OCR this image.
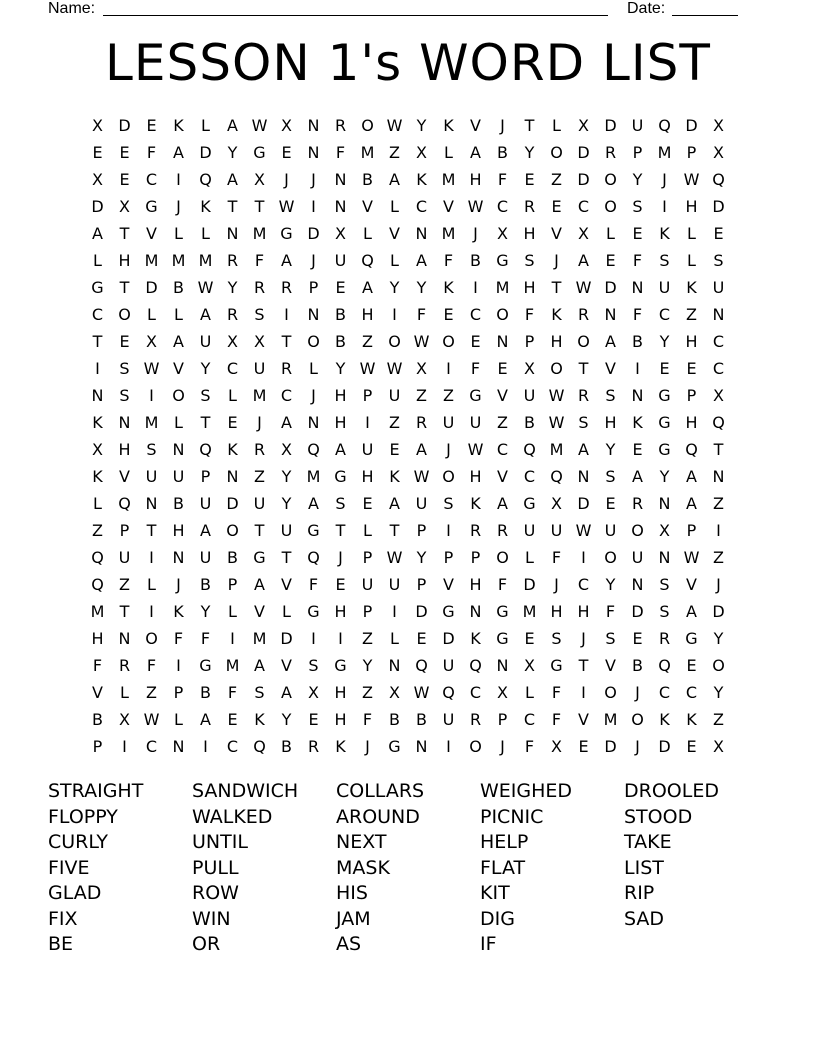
Name:	Date:
LESSON 1's WORD LIST
X D E	K	L	A W X N R O W Y	K	V	J	T	L	X D U Q D X
E	E	F	A D Y G E N	F M Z	X	L	A	B	Y O D R	P M P	X
X	E	C	I	Q A	X	J	J	N B	A	K M H	F	E	Z D O Y	J	W Q
D X G	J	K	T	T W	I	N V	L	C V W C R	E	C O S	I	H D
A	T	V	L	L	N M G D X	L	V N M	J	X H V	X	L	E	K	L	E
L	H M M M R	F	A	J	U Q	L	A	F	B G S	J	A	E	F	S	L	S
G T D B W Y	R R	P	E	A	Y	Y	K	I	M H	T W D N U K U
C O	L	L	A R	S	I	N B H	I	F	E	C O	F	K	R N	F	C Z N
T	E	X	A U X	X	T O B	Z O W O E N	P	H O A	B	Y	H C
I	S W V	Y	C U R	L	Y W W X	I	F	E	X O T	V	I	E	E	C
N S	I	O S	L M C	J	H	P	U Z	Z G V U W R	S N G P	X
K N M L	T	E	J	A N H	I	Z R U U Z	B W S H K G H Q
X H S N Q K	R X Q A U	E	A	J	W C Q M A	Y	E G Q T
K	V U U	P	N Z	Y M G H K W O H V C Q N S	A	Y	A N
L	Q N B U D U	Y	A	S	E	A U	S	K	A G X D E	R N A	Z
Z	P	T	H A O T	U G T	L	T	P	I	R R U U W U O X	P	I
Q U	I	N U B G T Q	J	P W Y	P	P O	L	F	I	O U N W Z
Q Z	L	J	B	P	A	V	F	E	U U	P	V H	F	D	J	C	Y	N S	V	J
M T	I	K	Y	L	V	L	G H	P	I	D G N G M H H	F	D S	A D
H N O	F	F	I	M D	I	I	Z	L	E D K G E	S	J	S	E	R G Y
F	R	F	I	G M A	V	S G Y	N Q U Q N X G T	V	B Q E O
V	L	Z	P	B	F	S	A	X H Z	X W Q C X	L	F	I	O	J	C C	Y
B	X W L	A	E	K	Y	E H	F	B	B U R	P	C	F	V M O K	K	Z
P	I	C N	I	C Q B R	K	J	G N	I	O	J	F	X	E D	J	D E	X
STRAIGHT
FLOPPY
CURLY
FIVE
GLAD
FIX
BE
SANDWICH
WALKED
UNTIL
PULL
ROW
WIN
OR
COLLARS
AROUND
NEXT
MASK
HIS
JAM
AS
WEIGHED
PICNIC
HELP
FLAT
KIT
DIG
IF
DROOLED
STOOD
TAKE
LIST
RIP
SAD
